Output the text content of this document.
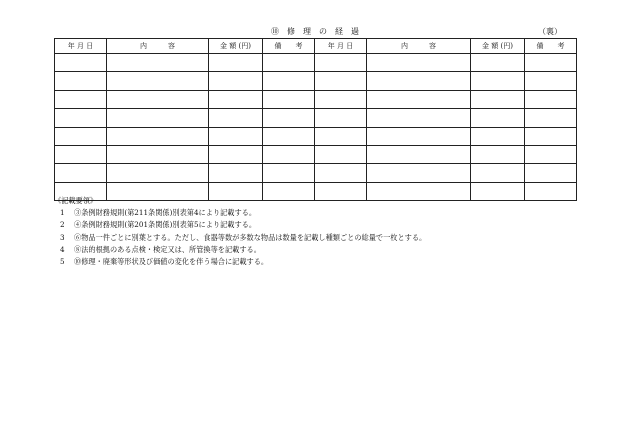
⑩　修　理　の　経　過	（裏）
年 月 日	内　　　容	金 額 (円)	備　　考	年 月 日	内　　　容	金 額 (円)	備　　考

《記載要領》
1 ③条例財務規則(第211条関係)別表第4により記載する。
2 ④条例財務規則(第201条関係)別表第5により記載する。
3 ⑥物品一件ごとに別葉とする。ただし、食器等数が多数な物品は数量を記載し種類ごとの総量で一枚とする。
4 ⑧法的根拠のある点検・検定又は、所管換等を記載する。
5 ⑩修理・廃棄等形状及び価値の変化を伴う場合に記載する。
